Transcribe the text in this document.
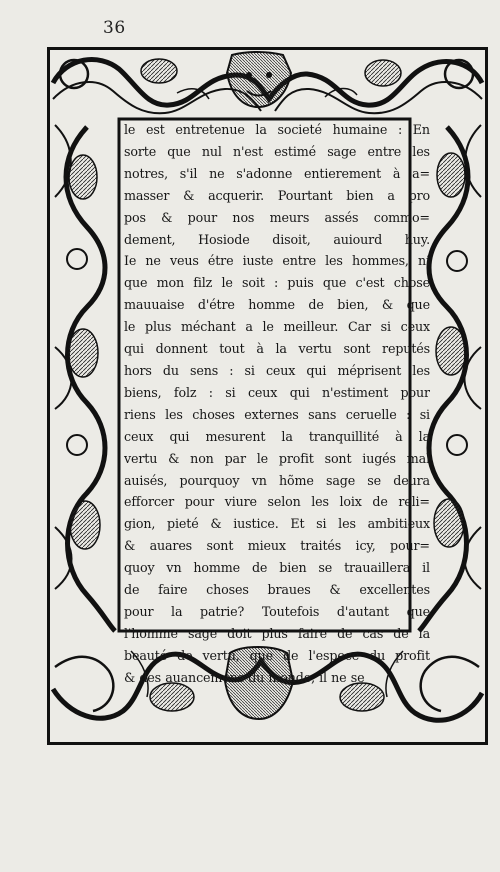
36
le est entretenue la societé humaine : En
sorte que nul n'est estimé sage entre les
notres, s'il ne s'adonne entierement à a=
masser & acquerir. Pourtant bien a pro
pos & pour nos meurs assés commo=
dement, Hosiode disoit, auiourd huy.
Ie ne veus étre iuste entre les hommes, ni
que mon filz le soit : puis que c'est chose
mauuaise d'étre homme de bien, & que
le plus méchant a le meilleur. Car si ceux
qui donnent tout à la vertu sont reputés
hors du sens : si ceux qui méprisent les
biens, folz : si ceux qui n'estiment pour
riens les choses externes sans ceruelle : si
ceux qui mesurent la tranquillité à la
vertu & non par le profit sont iugés mal
auisés, pourquoy vn hõme sage se deura
efforcer pour viure selon les loix de reli=
gion, pieté & iustice. Et si les ambitieux
& auares sont mieux traités icy, pour=
quoy vn homme de bien se trauaillera il
de faire choses braues & excellentes
pour la patrie? Toutefois d'autant que
l'homme sage doit plus faire de cas de la
beauté de vertu, que de l'espece du profit
& des auancemens du monde, il ne se
